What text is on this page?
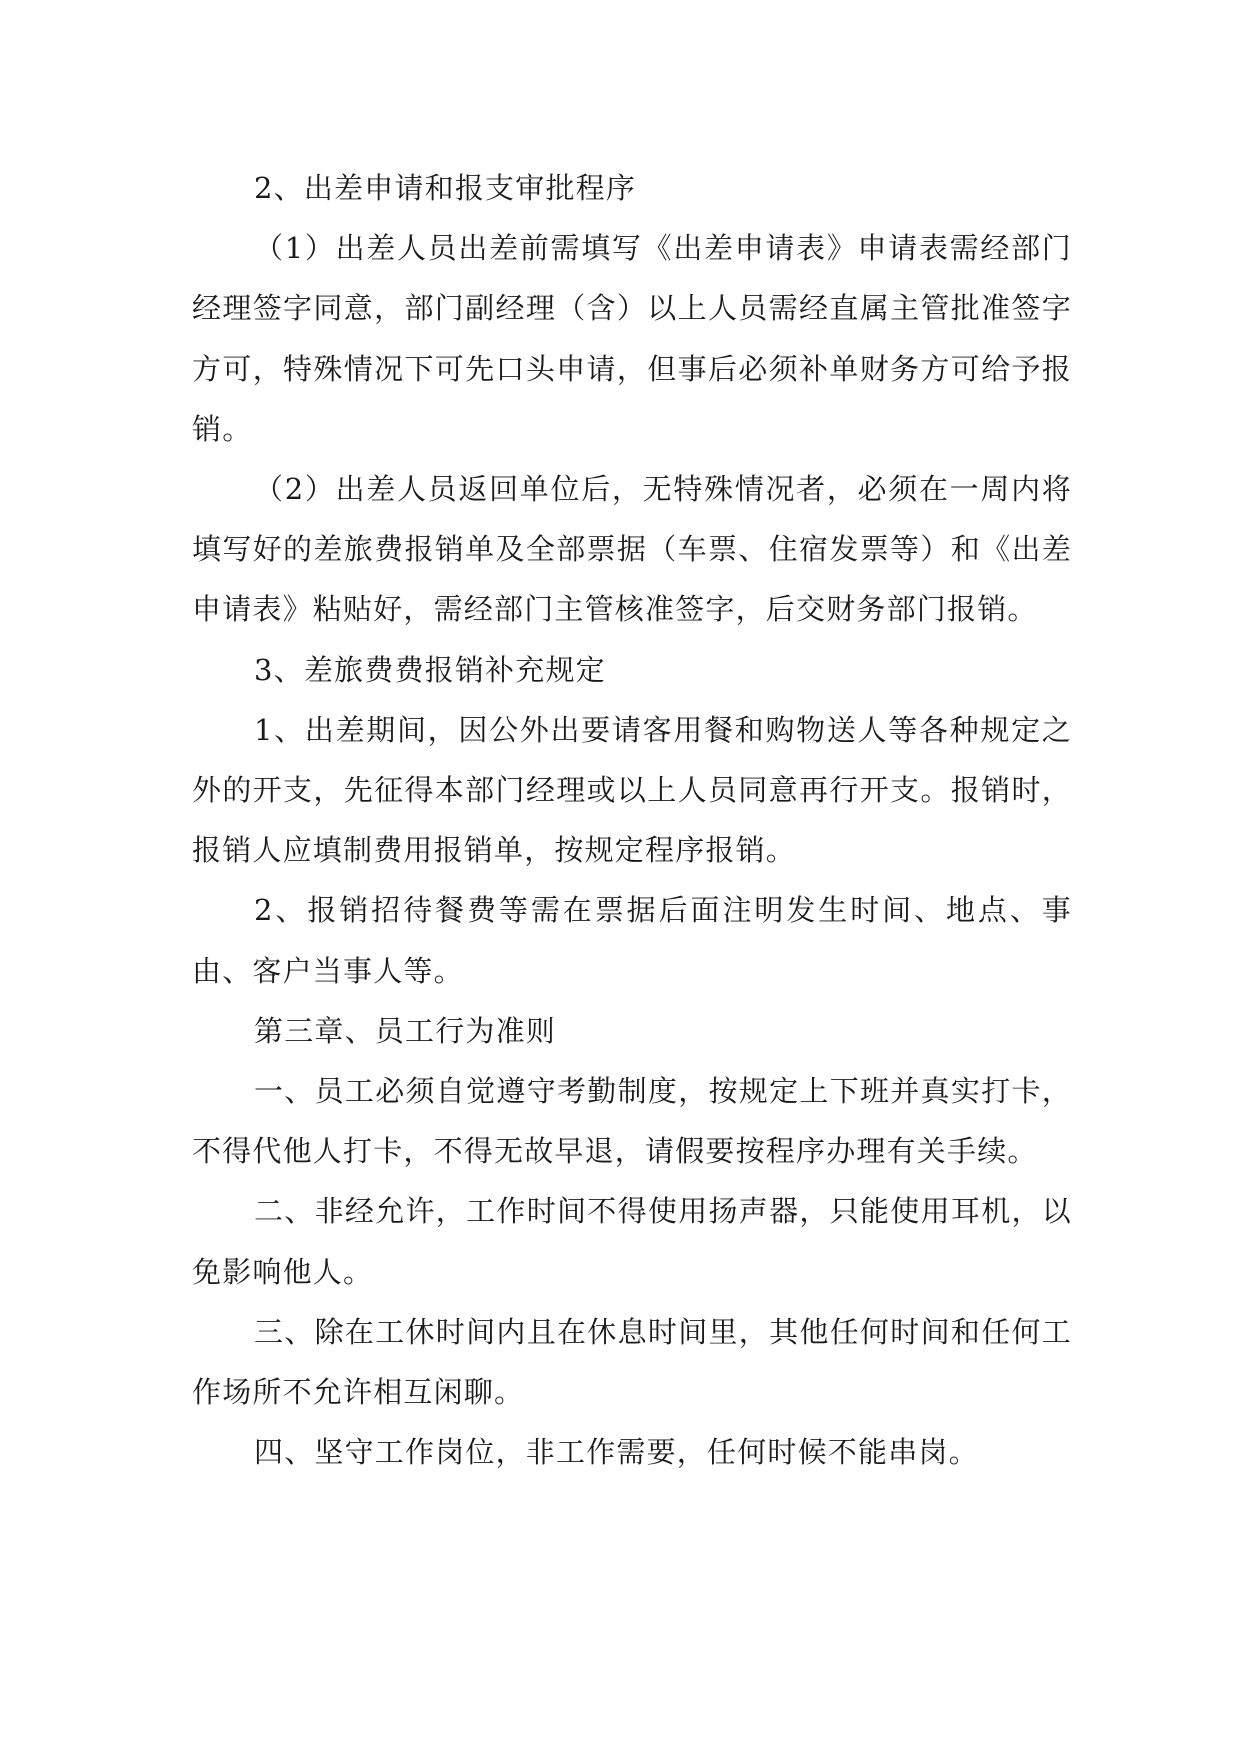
2、出差申请和报支审批程序

（1）出差人员出差前需填写《出差申请表》申请表需经部门经理签字同意，部门副经理（含）以上人员需经直属主管批准签字方可，特殊情况下可先口头申请，但事后必须补单财务方可给予报销。

（2）出差人员返回单位后，无特殊情况者，必须在一周内将填写好的差旅费报销单及全部票据（车票、住宿发票等）和《出差申请表》粘贴好，需经部门主管核准签字，后交财务部门报销。

3、差旅费费报销补充规定

1、出差期间，因公外出要请客用餐和购物送人等各种规定之外的开支，先征得本部门经理或以上人员同意再行开支。报销时，报销人应填制费用报销单，按规定程序报销。

2、报销招待餐费等需在票据后面注明发生时间、地点、事由、客户当事人等。

第三章、员工行为准则

一、员工必须自觉遵守考勤制度，按规定上下班并真实打卡，不得代他人打卡，不得无故早退，请假要按程序办理有关手续。

二、非经允许，工作时间不得使用扬声器，只能使用耳机，以免影响他人。

三、除在工休时间内且在休息时间里，其他任何时间和任何工作场所不允许相互闲聊。

四、坚守工作岗位，非工作需要，任何时候不能串岗。
